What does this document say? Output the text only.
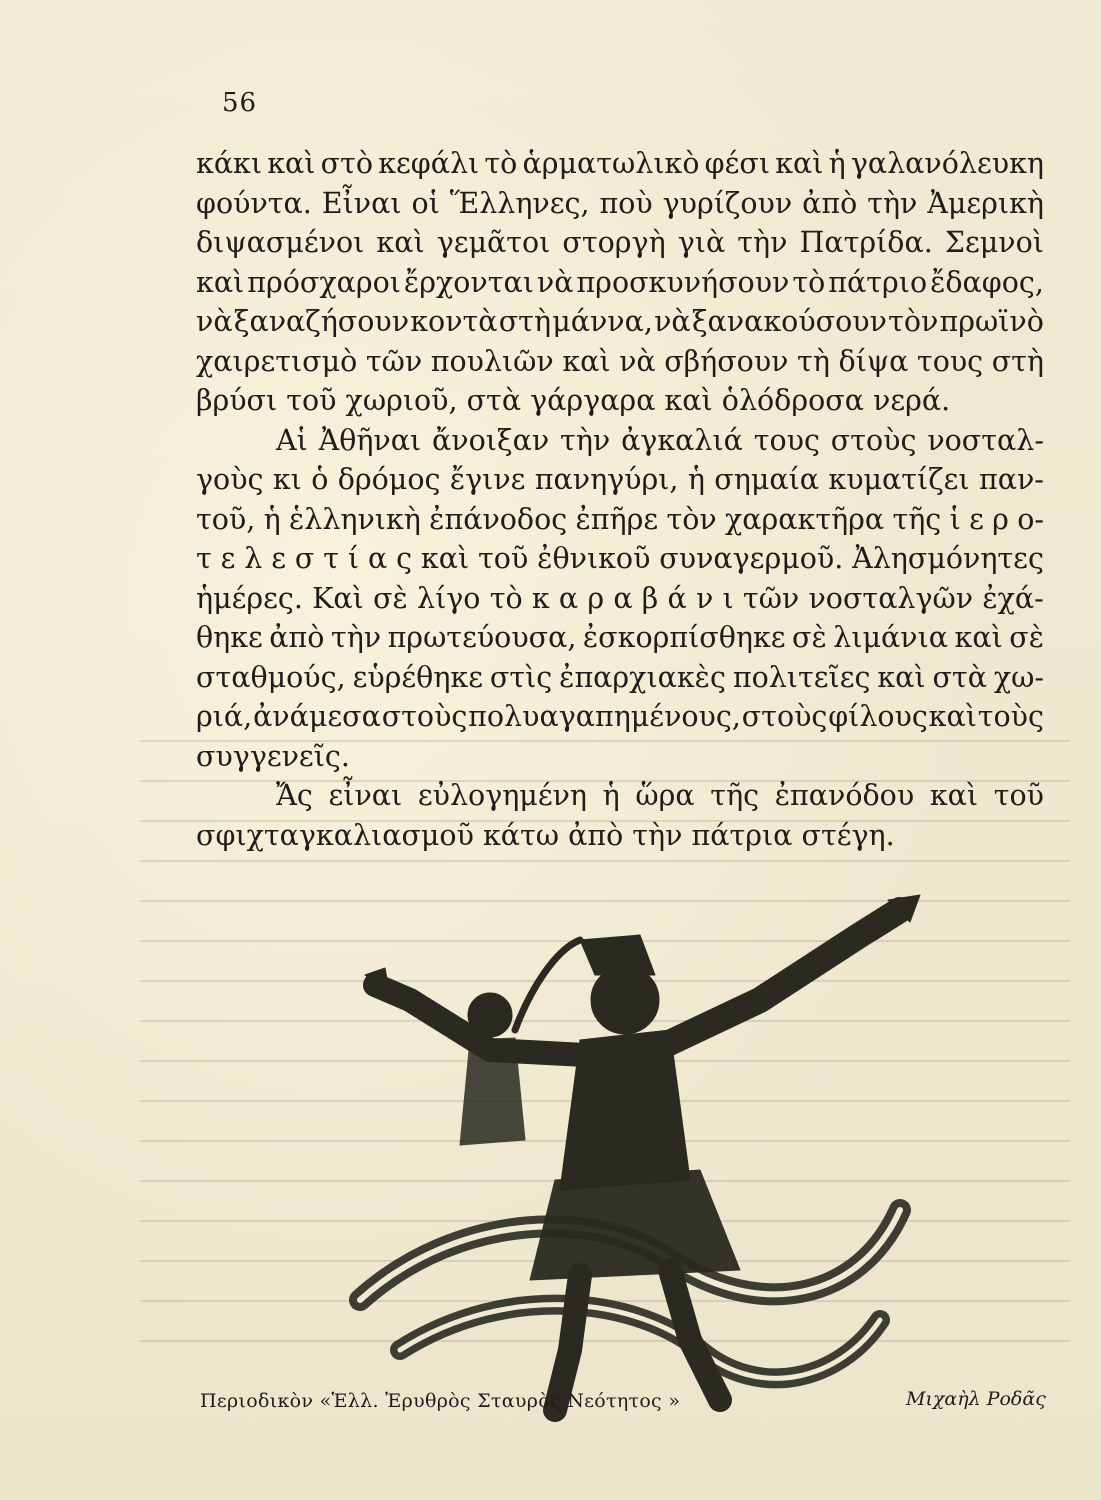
56
κάκι καὶ στὸ κεφάλι τὸ ἁρματωλικὸ φέσι καὶ ἡ γαλανόλευκη
φούντα. Εἶναι οἱ Ἕλληνες, ποὺ γυρίζουν ἀπὸ τὴν Ἀμερικὴ
διψασμένοι καὶ γεμᾶτοι στοργὴ γιὰ τὴν Πατρίδα. Σεμνοὶ
καὶ πρόσχαροι ἔρχονται νὰ προσκυνήσουν τὸ πάτριο ἔδαφος,
νὰ ξαναζήσουν κοντὰ στὴ μάννα, νὰ ξανακούσουν τὸν πρωϊνὸ
χαιρετισμὸ τῶν πουλιῶν καὶ νὰ σβήσουν τὴ δίψα τους στὴ
βρύσι τοῦ χωριοῦ, στὰ γάργαρα καὶ ὁλόδροσα νερά.
Αἱ Ἀθῆναι ἄνοιξαν τὴν ἀγκαλιά τους στοὺς νοσταλ-
γοὺς κι ὁ δρόμος ἔγινε πανηγύρι, ἡ σημαία κυματίζει παν-
τοῦ, ἡ ἑλληνικὴ ἐπάνοδος ἐπῆρε τὸν χαρακτῆρα τῆς ἱ ε ρ ο-
τ ε λ ε σ τ ί α ς καὶ τοῦ ἐθνικοῦ συναγερμοῦ. Ἀλησμόνητες
ἡμέρες. Καὶ σὲ λίγο τὸ κ α ρ α β ά ν ι τῶν νοσταλγῶν ἐχά-
θηκε ἀπὸ τὴν πρωτεύουσα, ἐσκορπίσθηκε σὲ λιμάνια καὶ σὲ
σταθμούς, εὑρέθηκε στὶς ἐπαρχιακὲς πολιτεῖες καὶ στὰ χω-
ριά, ἀνάμεσα στοὺς πολυαγαπημένους, στοὺς φίλους καὶ τοὺς
συγγενεῖς.
Ἄς εἶναι εὐλογημένη ἡ ὥρα τῆς ἐπανόδου καὶ τοῦ
σφιχταγκαλιασμοῦ κάτω ἀπὸ τὴν πάτρια στέγη.
Περιοδικὸν «Ἑλλ. Ἐρυθρὸς Σταυρὸς Νεότητος »	Μιχαὴλ Ροδᾶς
